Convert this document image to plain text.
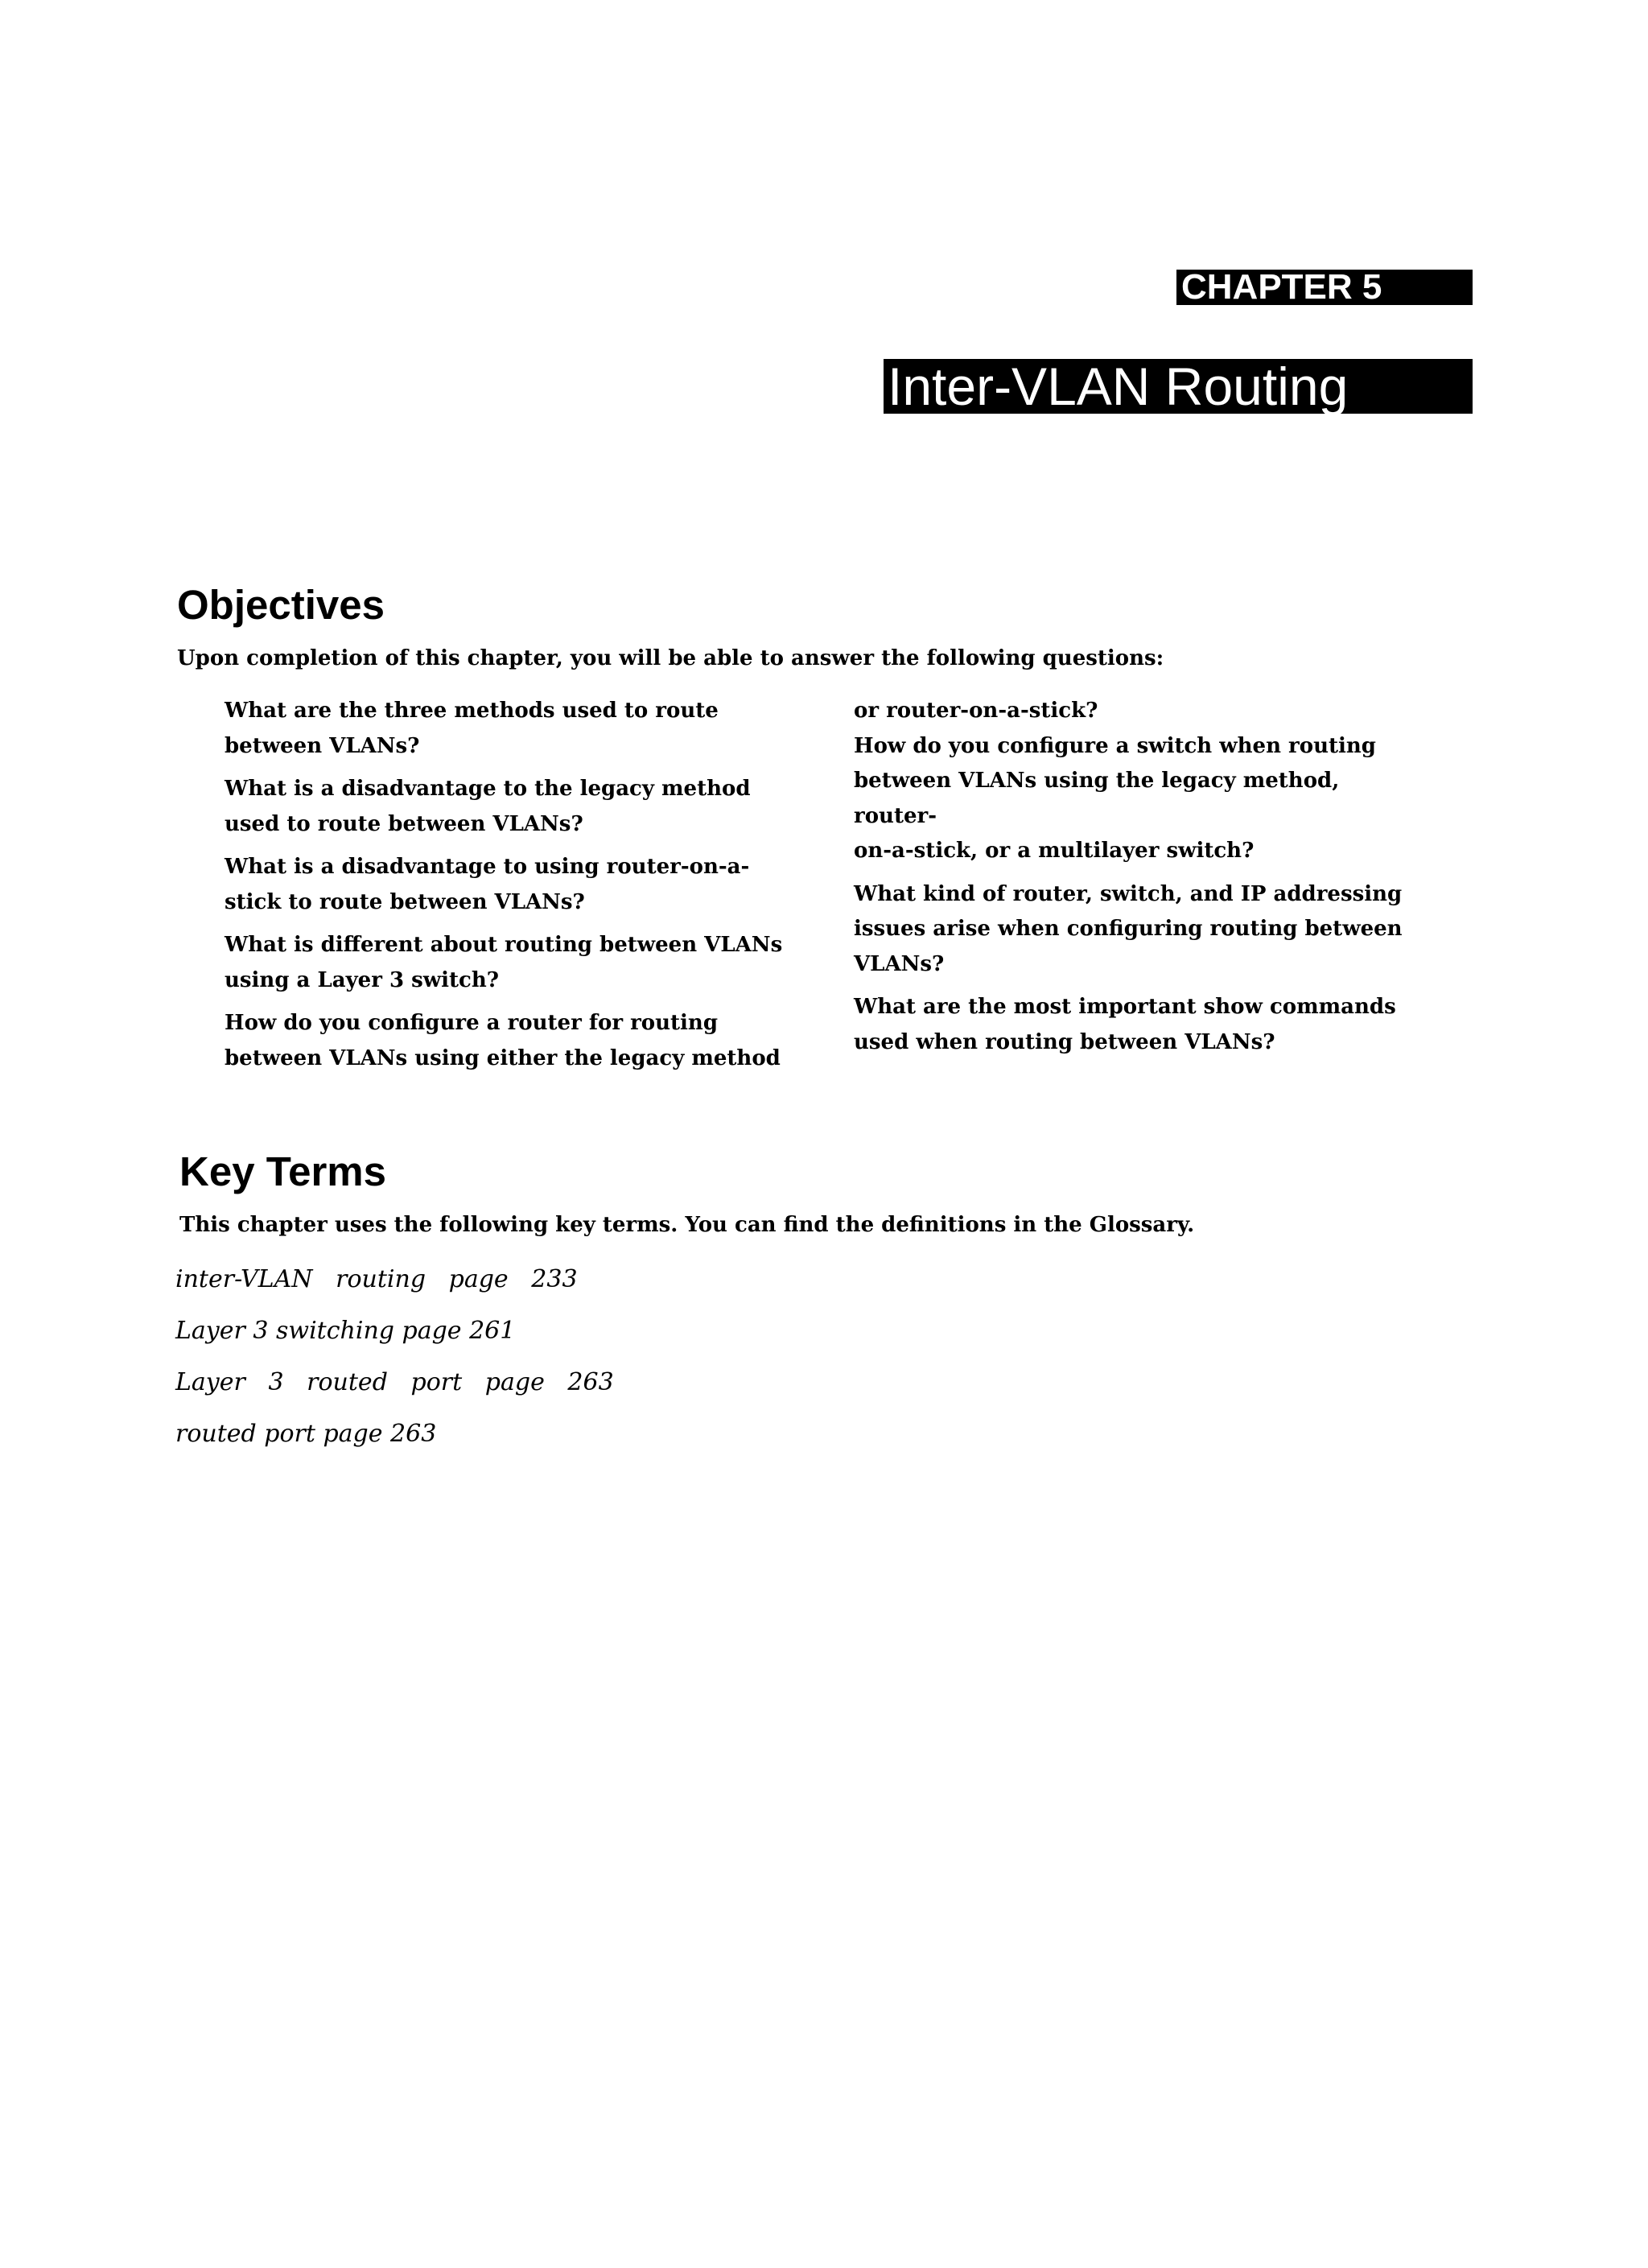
CHAPTER 5
Inter-VLAN Routing
Objectives

Upon completion of this chapter, you will be able to answer the following questions:

What are the three methods used to route
between VLANs?
What is a disadvantage to the legacy method
used to route between VLANs?
What is a disadvantage to using router-on-a-
stick to route between VLANs?
What is different about routing between VLANs
using a Layer 3 switch?
How do you configure a router for routing
between VLANs using either the legacy method
or router-on-a-stick?
How do you configure a switch when routing
between VLANs using the legacy method, router-
on-a-stick, or a multilayer switch?
What kind of router, switch, and IP addressing
issues arise when configuring routing between
VLANs?
What are the most important show commands
used when routing between VLANs?
Key Terms

This chapter uses the following key terms. You can find the definitions in the Glossary.

inter-VLAN   routing   page   233

Layer 3 switching page 261

Layer   3   routed   port   page   263

routed port page 263
